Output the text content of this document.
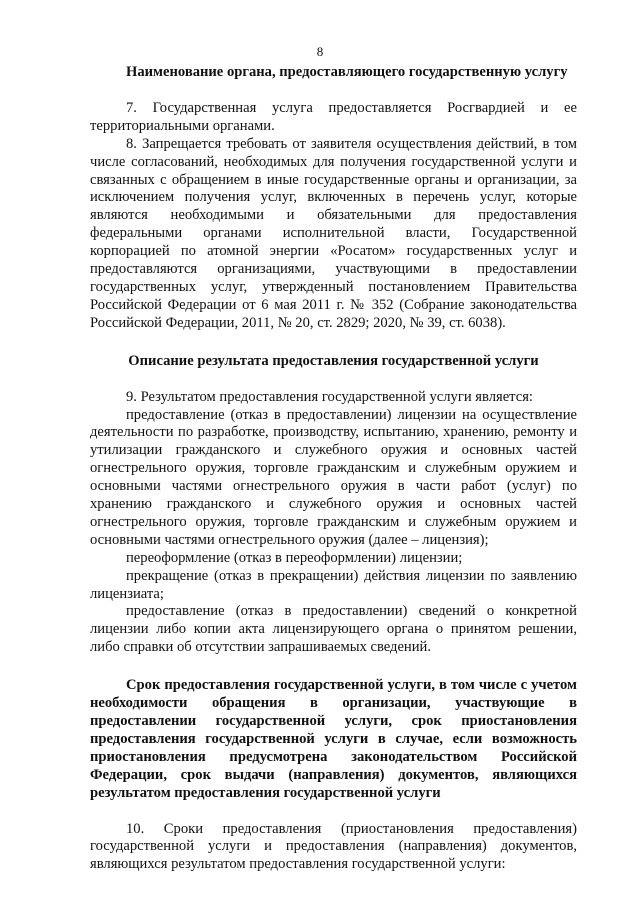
8

Наименование органа, предоставляющего государственную услугу

7. Государственная услуга предоставляется Росгвардией и ее территориальными органами.

8. Запрещается требовать от заявителя осуществления действий, в том числе согласований, необходимых для получения государственной услуги и связанных с обращением в иные государственные органы и организации, за исключением получения услуг, включенных в перечень услуг, которые являются необходимыми и обязательными для предоставления федеральными органами исполнительной власти, Государственной корпорацией по атомной энергии «Росатом» государственных услуг и предоставляются организациями, участвующими в предоставлении государственных услуг, утвержденный постановлением Правительства Российской Федерации от 6 мая 2011 г. № 352 (Собрание законодательства Российской Федерации, 2011, № 20, ст. 2829; 2020, № 39, ст. 6038).

Описание результата предоставления государственной услуги

9. Результатом предоставления государственной услуги является:

предоставление (отказ в предоставлении) лицензии на осуществление деятельности по разработке, производству, испытанию, хранению, ремонту и утилизации гражданского и служебного оружия и основных частей огнестрельного оружия, торговле гражданским и служебным оружием и основными частями огнестрельного оружия в части работ (услуг) по хранению гражданского и служебного оружия и основных частей огнестрельного оружия, торговле гражданским и служебным оружием и основными частями огнестрельного оружия (далее – лицензия);

переоформление (отказ в переоформлении) лицензии;

прекращение (отказ в прекращении) действия лицензии по заявлению лицензиата;

предоставление (отказ в предоставлении) сведений о конкретной лицензии либо копии акта лицензирующего органа о принятом решении, либо справки об отсутствии запрашиваемых сведений.

Срок предоставления государственной услуги, в том числе с учетом необходимости обращения в организации, участвующие в предоставлении государственной услуги, срок приостановления предоставления государственной услуги в случае, если возможность приостановления предусмотрена законодательством Российской Федерации, срок выдачи (направления) документов, являющихся результатом предоставления государственной услуги

10. Сроки предоставления (приостановления предоставления) государственной услуги и предоставления (направления) документов, являющихся результатом предоставления государственной услуги:
